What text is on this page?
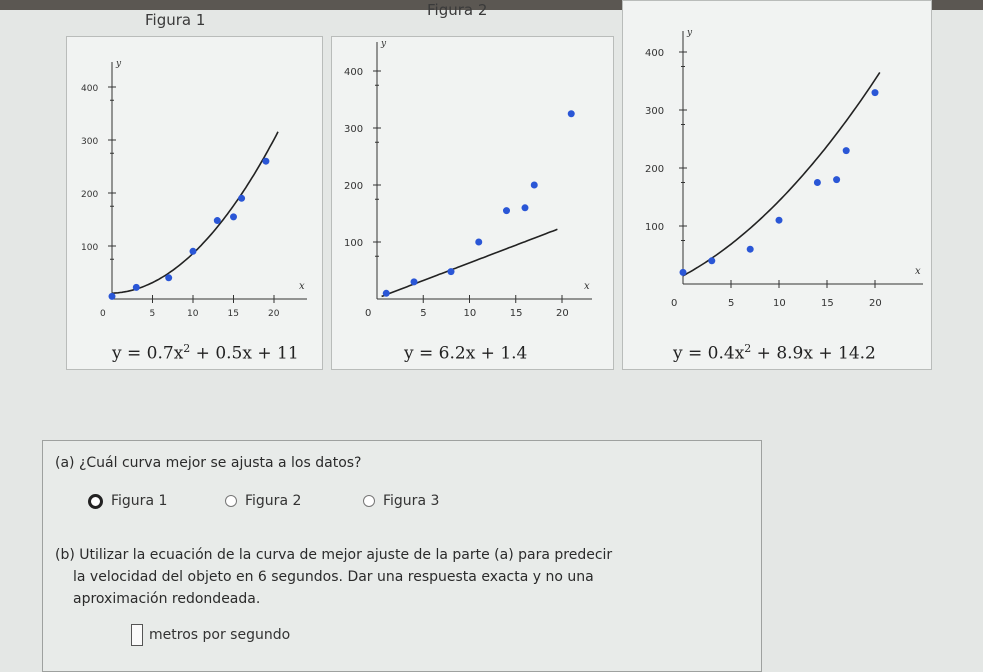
Figura 1
Figura 2
y
x
400
300
200
100
0	5	10	15	20
$y = 0.7x^2 + 0.5x + 11$
y
x
400
300
200
100
0	5	10	15	20
y = 6.2x + 1.4
y
x
400
300
200
100
0	5	10	15	20
$y = 0.4x^2 + 8.9x + 14.2$
(a) ¿Cuál curva mejor se ajusta a los datos?
Figura 1	Figura 2	Figura 3
(b) Utilizar la ecuación de la curva de mejor ajuste de la parte (a) para predecir
la velocidad del objeto en 6 segundos. Dar una respuesta exacta y no una
aproximación redondeada.
metros por segundo
